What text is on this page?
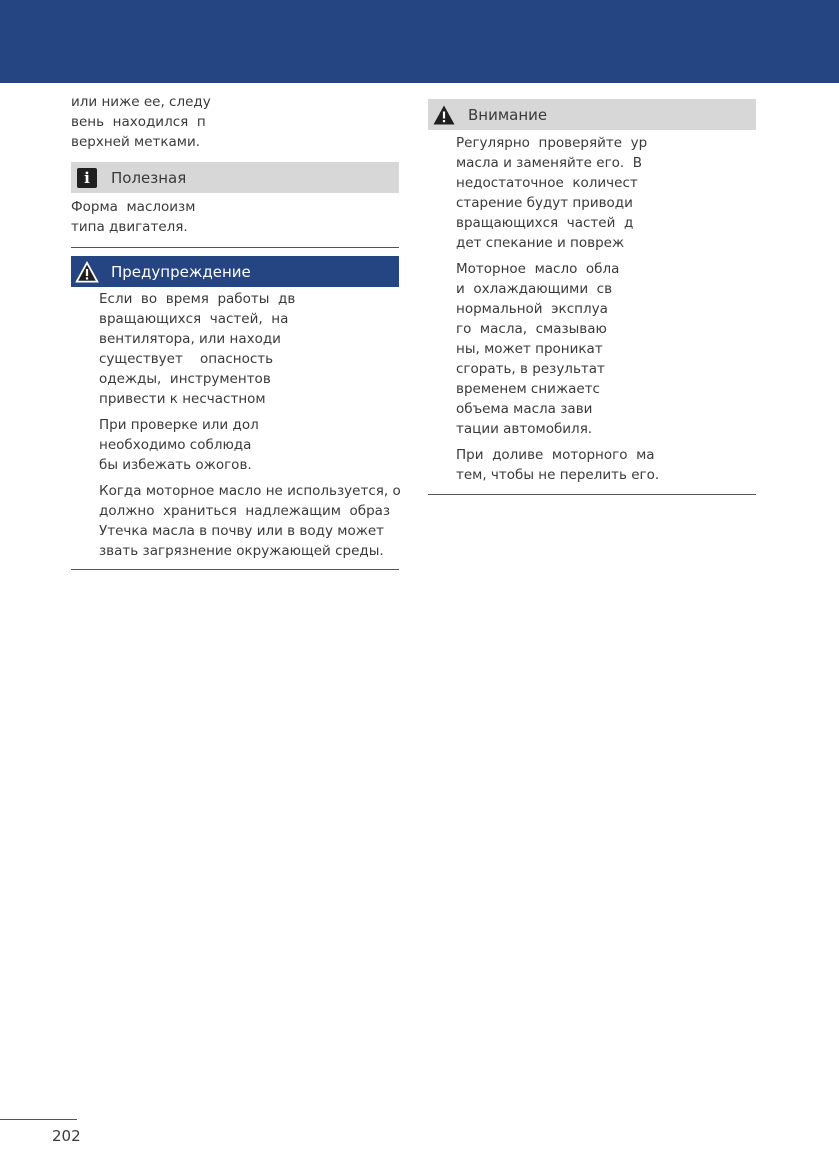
или ниже ее, следу

вень  находился  п

верхней метками.

i	Полезная

Форма  маслоизм

типа двигателя.

Предупреждение

Если  во  время  работы  дв

вращающихся  частей,  на

вентилятора, или находи

существует    опасность

одежды,  инструментов

привести к несчастном

При проверке или дол

необходимо соблюда

бы избежать ожогов.

Когда моторное масло не используется, о

должно  храниться  надлежащим  образ

Утечка масла в почву или в воду может

звать загрязнение окружающей среды.

Внимание

Регулярно  проверяйте  ур

масла и заменяйте его.  В

недостаточное  количест

старение будут приводи

вращающихся  частей  д

дет спекание и повреж

Моторное  масло  обла

и  охлаждающими  св

нормальной  эксплуа

го  масла,  смазываю

ны, может проникат

сгорать, в результат

временем снижаетс

объема масла зави

тации автомобиля.

При  доливе  моторного  ма

тем, чтобы не перелить его.

202
